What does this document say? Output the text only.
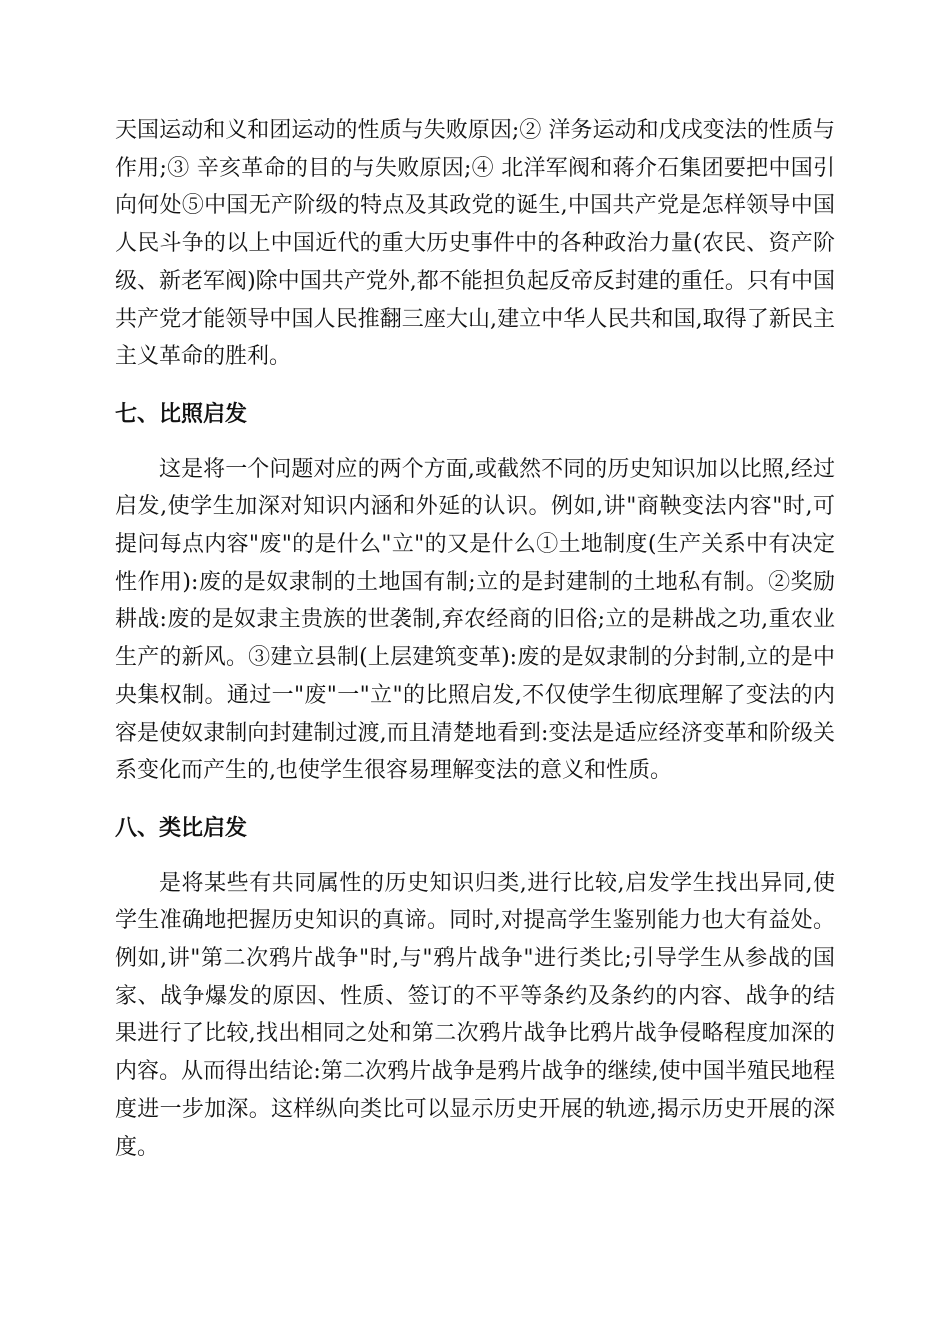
天国运动和义和团运动的性质与失败原因;② 洋务运动和戊戌变法的性质与作用;③ 辛亥革命的目的与失败原因;④ 北洋军阀和蒋介石集团要把中国引向何处⑤中国无产阶级的特点及其政党的诞生,中国共产党是怎样领导中国人民斗争的以上中国近代的重大历史事件中的各种政治力量(农民、资产阶级、新老军阀)除中国共产党外,都不能担负起反帝反封建的重任。只有中国共产党才能领导中国人民推翻三座大山,建立中华人民共和国,取得了新民主主义革命的胜利。

七、比照启发

这是将一个问题对应的两个方面,或截然不同的历史知识加以比照,经过启发,使学生加深对知识内涵和外延的认识。例如,讲"商鞅变法内容"时,可提问每点内容"废"的是什么"立"的又是什么①土地制度(生产关系中有决定性作用):废的是奴隶制的土地国有制;立的是封建制的土地私有制。②奖励耕战:废的是奴隶主贵族的世袭制,弃农经商的旧俗;立的是耕战之功,重农业生产的新风。③建立县制(上层建筑变革):废的是奴隶制的分封制,立的是中央集权制。通过一"废"一"立"的比照启发,不仅使学生彻底理解了变法的内容是使奴隶制向封建制过渡,而且清楚地看到:变法是适应经济变革和阶级关系变化而产生的,也使学生很容易理解变法的意义和性质。

八、类比启发

是将某些有共同属性的历史知识归类,进行比较,启发学生找出异同,使学生准确地把握历史知识的真谛。同时,对提高学生鉴别能力也大有益处。例如,讲"第二次鸦片战争"时,与"鸦片战争"进行类比;引导学生从参战的国家、战争爆发的原因、性质、签订的不平等条约及条约的内容、战争的结果进行了比较,找出相同之处和第二次鸦片战争比鸦片战争侵略程度加深的内容。从而得出结论:第二次鸦片战争是鸦片战争的继续,使中国半殖民地程度进一步加深。这样纵向类比可以显示历史开展的轨迹,揭示历史开展的深度。
